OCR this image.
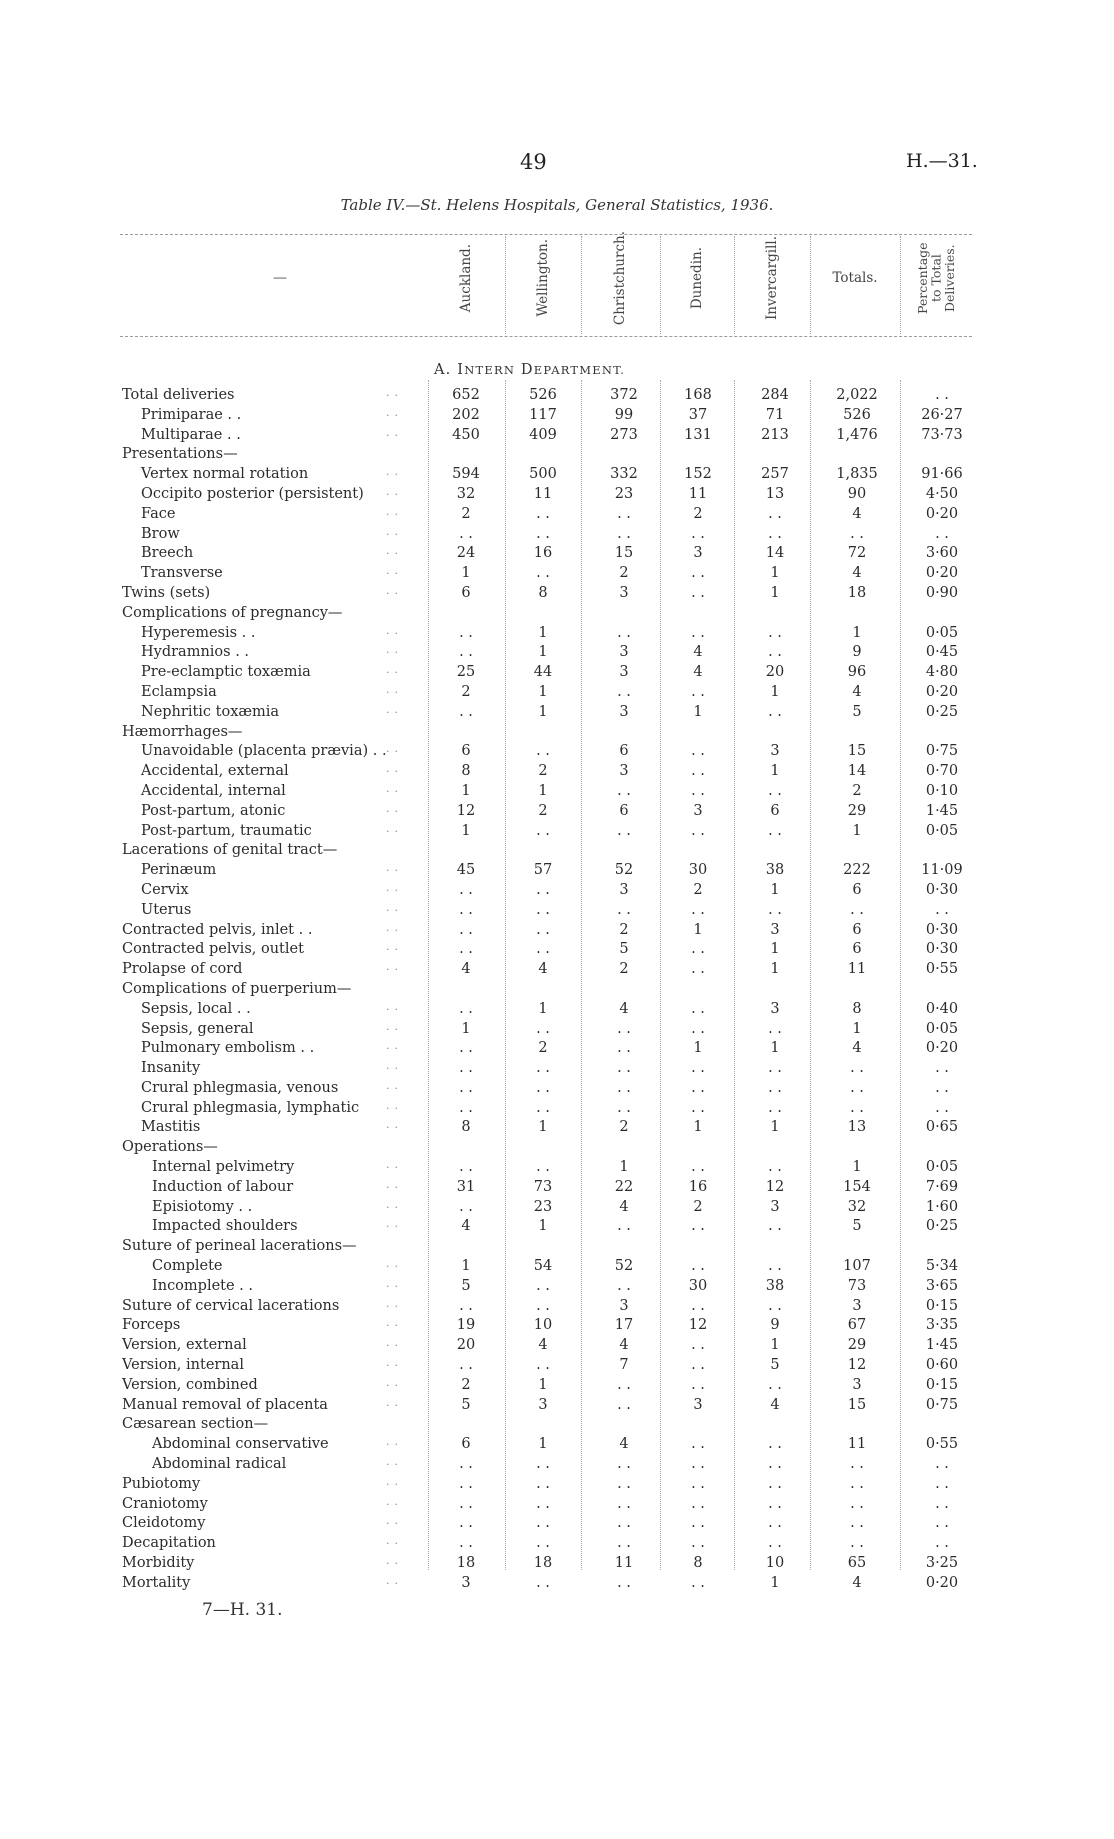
49	H.—31.
Table IV.—St. Helens Hospitals, General Statistics, 1936.
—	Auckland.	Wellington.	Christchurch.	Dunedin.	Invercargill.	Totals.	Percentage
to Total
Deliveries.
A. INTERN DEPARTMENT.
Total deliveries	··	652	526	372	168	284	2,022	. .
Primiparae . .	··	202	117	99	37	71	526	26·27
Multiparae . .	··	450	409	273	131	213	1,476	73·73
Presentations—
Vertex normal rotation	··	594	500	332	152	257	1,835	91·66
Occipito posterior (persistent) ··	32	11	23	11	13	90	4·50
Face	··	2	. .	. .	2	. .	4	0·20
Brow	··	. .	. .	. .	. .	. .	. .	. .
Breech	··	24	16	15	3	14	72	3·60
Transverse	··	1	. .	2	. .	1	4	0·20
Twins (sets)	··	6	8	3	. .	1	18	0·90
Complications of pregnancy—
Hyperemesis . .	··	. .	1	. .	. .	. .	1	0·05
Hydramnios . .	··	. .	1	3	4	. .	9	0·45
Pre-eclamptic toxæmia	··	25	44	3	4	20	96	4·80
Eclampsia	··	2	1	. .	. .	1	4	0·20
Nephritic toxæmia	··	. .	1	3	1	. .	5	0·25
Hæmorrhages—
Unavoidable (placenta prævia) . . ··	6	. .	6	. .	3	15	0·75
Accidental, external	··	8	2	3	. .	1	14	0·70
Accidental, internal	··	1	1	. .	. .	. .	2	0·10
Post-partum, atonic	··	12	2	6	3	6	29	1·45
Post-partum, traumatic	··	1	. .	. .	. .	. .	1	0·05
Lacerations of genital tract—
Perinæum	··	45	57	52	30	38	222	11·09
Cervix	··	. .	. .	3	2	1	6	0·30
Uterus	··	. .	. .	. .	. .	. .	. .	. .
Contracted pelvis, inlet . .	··	. .	. .	2	1	3	6	0·30
Contracted pelvis, outlet	··	. .	. .	5	. .	1	6	0·30
Prolapse of cord	··	4	4	2	. .	1	11	0·55
Complications of puerperium—
Sepsis, local . .	··	. .	1	4	. .	3	8	0·40
Sepsis, general	··	1	. .	. .	. .	. .	1	0·05
Pulmonary embolism . .	··	. .	2	. .	1	1	4	0·20
Insanity	··	. .	. .	. .	. .	. .	. .	. .
Crural phlegmasia, venous	··	. .	. .	. .	. .	. .	. .	. .
Crural phlegmasia, lymphatic ··	. .	. .	. .	. .	. .	. .	. .
Mastitis	··	8	1	2	1	1	13	0·65
Operations—
Internal pelvimetry	··	. .	. .	1	. .	. .	1	0·05
Induction of labour	··	31	73	22	16	12	154	7·69
Episiotomy . .	··	. .	23	4	2	3	32	1·60
Impacted shoulders	··	4	1	. .	. .	. .	5	0·25
Suture of perineal lacerations—
Complete	··	1	54	52	. .	. .	107	5·34
Incomplete . .	··	5	. .	. .	30	38	73	3·65
Suture of cervical lacerations	··	. .	. .	3	. .	. .	3	0·15
Forceps	··	19	10	17	12	9	67	3·35
Version, external	··	20	4	4	. .	1	29	1·45
Version, internal	··	. .	. .	7	. .	5	12	0·60
Version, combined	··	2	1	. .	. .	. .	3	0·15
Manual removal of placenta	··	5	3	. .	3	4	15	0·75
Cæsarean section—
Abdominal conservative	··	6	1	4	. .	. .	11	0·55
Abdominal radical	··	. .	. .	. .	. .	. .	. .	. .
Pubiotomy	··	. .	. .	. .	. .	. .	. .	. .
Craniotomy	··	. .	. .	. .	. .	. .	. .	. .
Cleidotomy	··	. .	. .	. .	. .	. .	. .	. .
Decapitation	··	. .	. .	. .	. .	. .	. .	. .
Morbidity	··	18	18	11	8	10	65	3·25
Mortality	··	3	. .	. .	. .	1	4	0·20
7—H. 31.
